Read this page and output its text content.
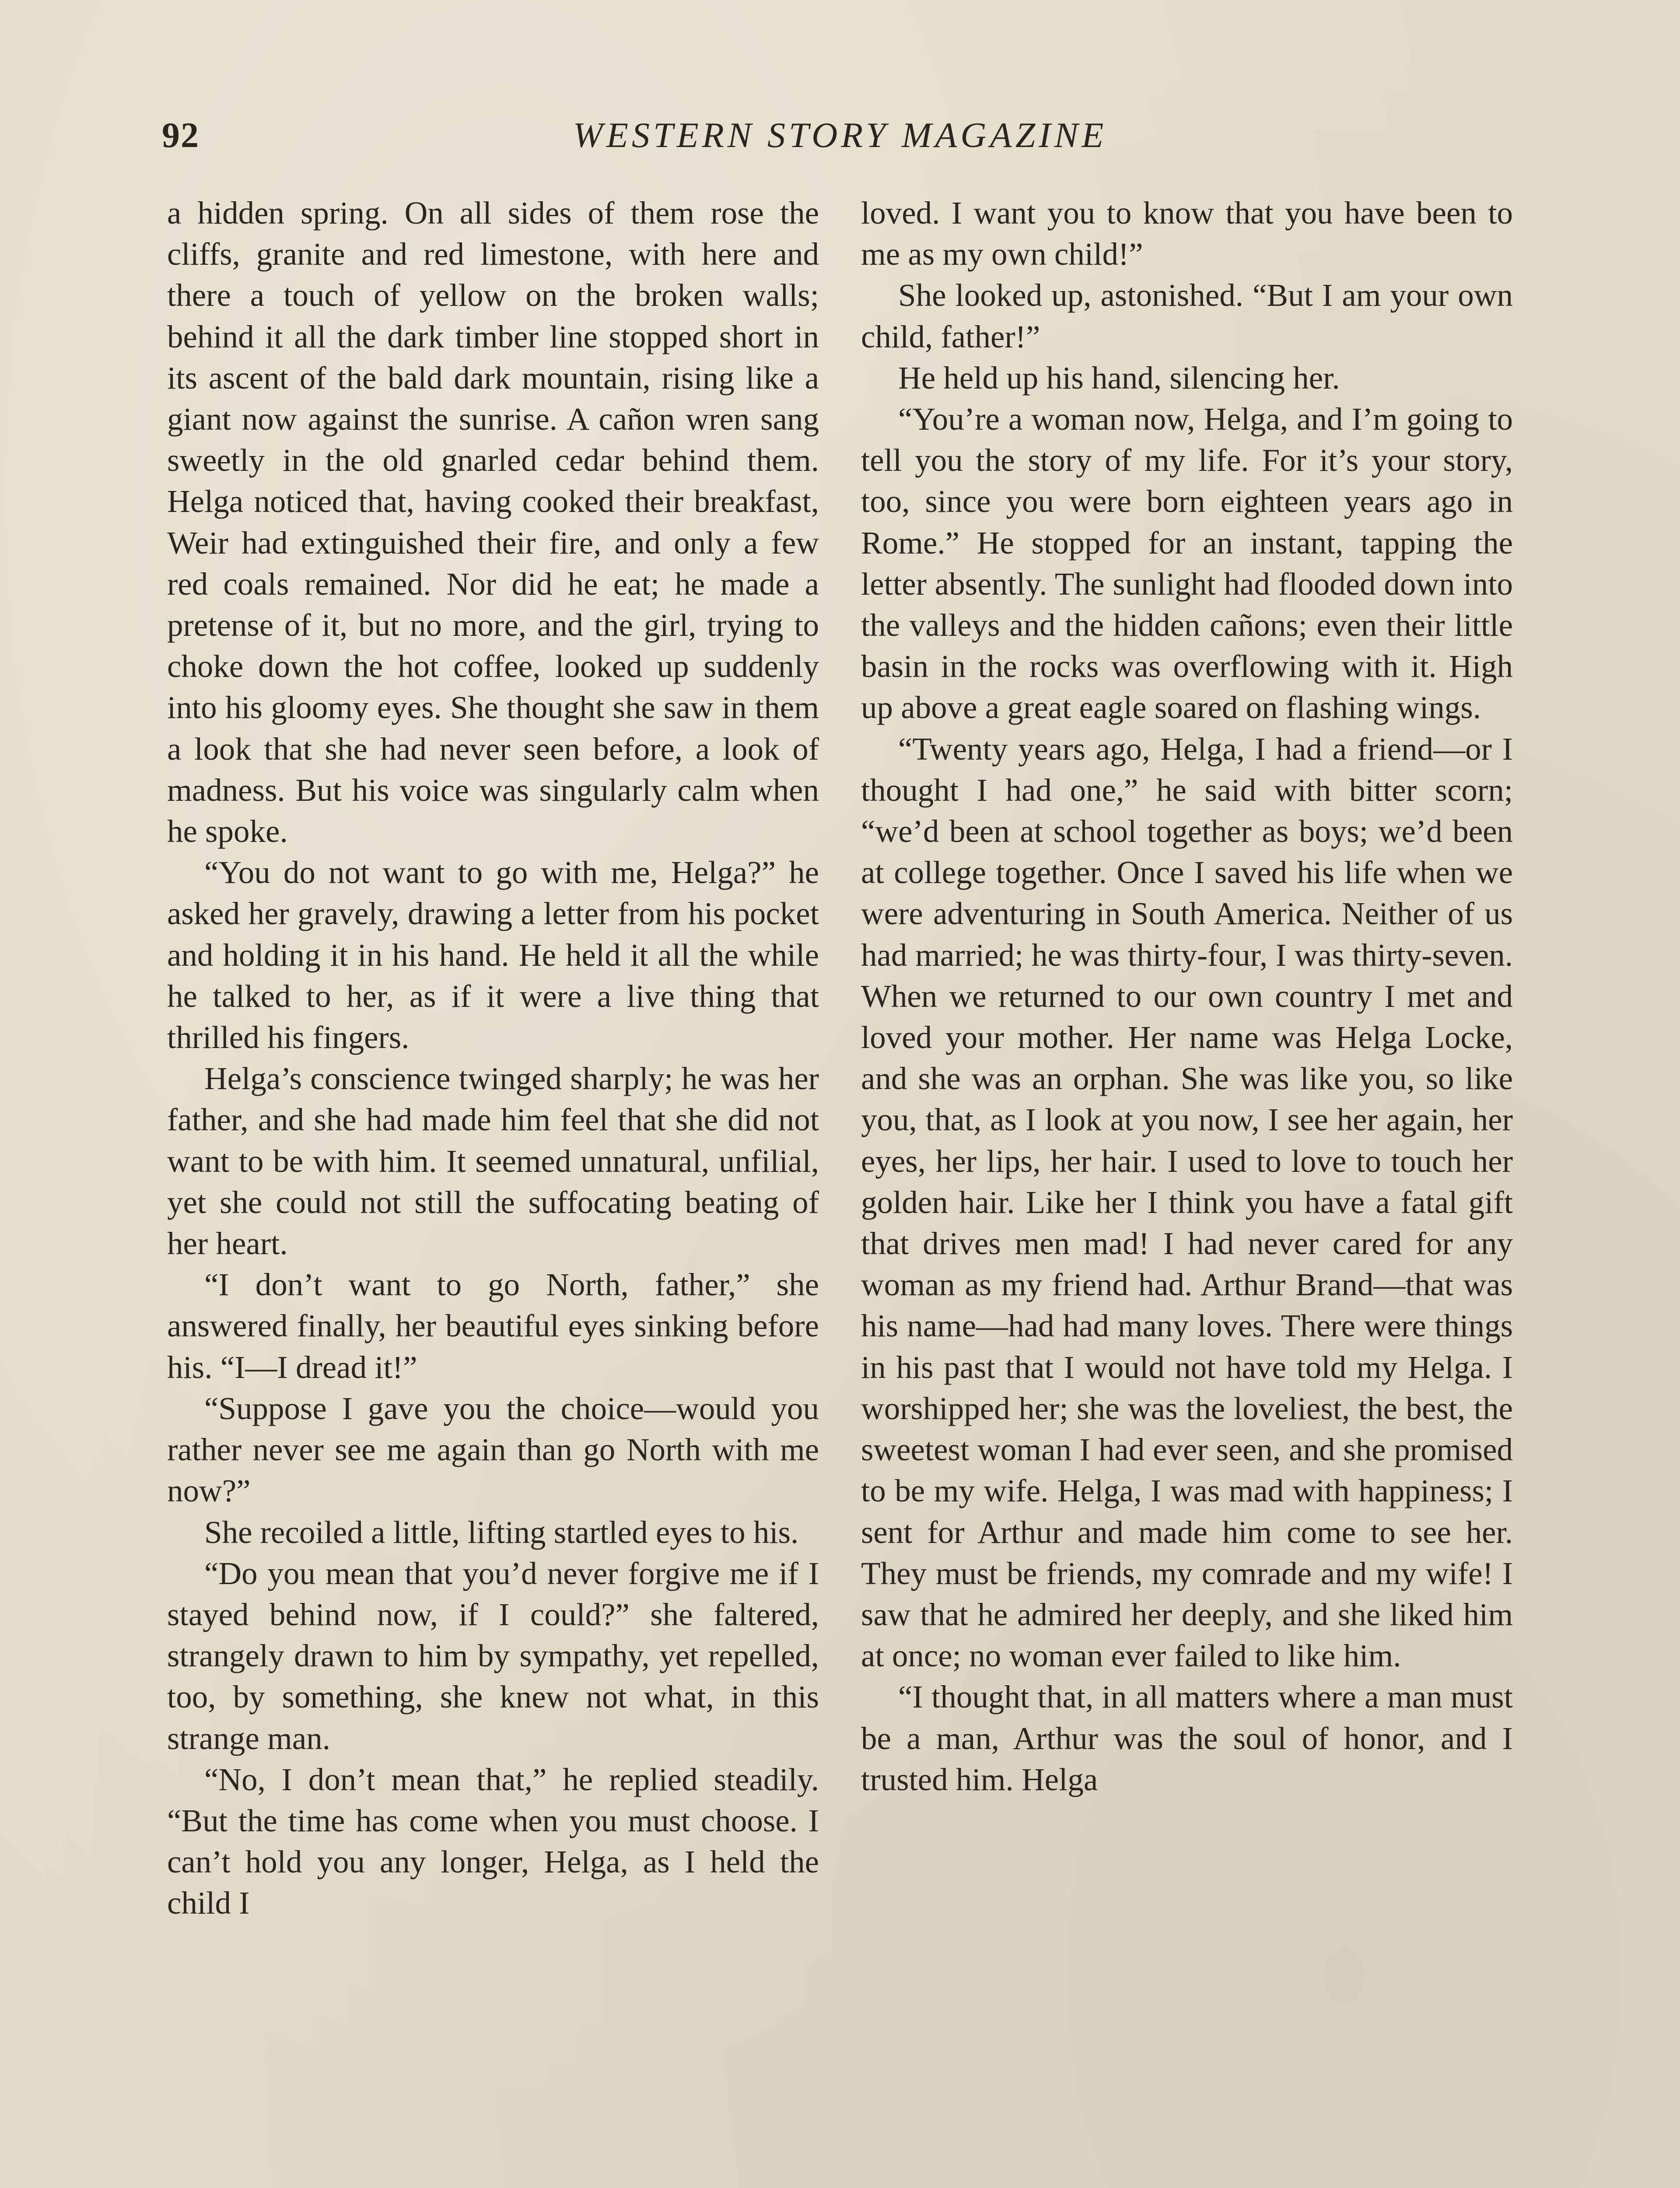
92	WESTERN STORY MAGAZINE

a hidden spring. On all sides of them rose the cliffs, granite and red limestone, with here and there a touch of yellow on the broken walls; behind it all the dark timber line stopped short in its ascent of the bald dark mountain, rising like a giant now against the sunrise. A cañon wren sang sweetly in the old gnarled cedar behind them. Helga noticed that, having cooked their breakfast, Weir had extinguished their fire, and only a few red coals remained. Nor did he eat; he made a pretense of it, but no more, and the girl, trying to choke down the hot coffee, looked up suddenly into his gloomy eyes. She thought she saw in them a look that she had never seen before, a look of madness. But his voice was singularly calm when he spoke.

“You do not want to go with me, Helga?” he asked her gravely, drawing a letter from his pocket and holding it in his hand. He held it all the while he talked to her, as if it were a live thing that thrilled his fingers.

Helga’s conscience twinged sharply; he was her father, and she had made him feel that she did not want to be with him. It seemed unnatural, unfilial, yet she could not still the suffocating beating of her heart.

“I don’t want to go North, father,” she answered finally, her beautiful eyes sinking before his. “I—I dread it!”

“Suppose I gave you the choice—would you rather never see me again than go North with me now?”

She recoiled a little, lifting startled eyes to his.

“Do you mean that you’d never forgive me if I stayed behind now, if I could?” she faltered, strangely drawn to him by sympathy, yet repelled, too, by something, she knew not what, in this strange man.

“No, I don’t mean that,” he replied steadily. “But the time has come when you must choose. I can’t hold you any longer, Helga, as I held the child I

loved. I want you to know that you have been to me as my own child!”

She looked up, astonished. “But I am your own child, father!”

He held up his hand, silencing her.

“You’re a woman now, Helga, and I’m going to tell you the story of my life. For it’s your story, too, since you were born eighteen years ago in Rome.” He stopped for an instant, tapping the letter absently. The sunlight had flooded down into the valleys and the hidden cañons; even their little basin in the rocks was overflowing with it. High up above a great eagle soared on flashing wings.

“Twenty years ago, Helga, I had a friend—or I thought I had one,” he said with bitter scorn; “we’d been at school together as boys; we’d been at college together. Once I saved his life when we were adventuring in South America. Neither of us had married; he was thirty-four, I was thirty-seven. When we returned to our own country I met and loved your mother. Her name was Helga Locke, and she was an orphan. She was like you, so like you, that, as I look at you now, I see her again, her eyes, her lips, her hair. I used to love to touch her golden hair. Like her I think you have a fatal gift that drives men mad! I had never cared for any woman as my friend had. Arthur Brand—that was his name—had had many loves. There were things in his past that I would not have told my Helga. I worshipped her; she was the loveliest, the best, the sweetest woman I had ever seen, and she promised to be my wife. Helga, I was mad with happiness; I sent for Arthur and made him come to see her. They must be friends, my comrade and my wife! I saw that he admired her deeply, and she liked him at once; no woman ever failed to like him.

“I thought that, in all matters where a man must be a man, Arthur was the soul of honor, and I trusted him. Helga
